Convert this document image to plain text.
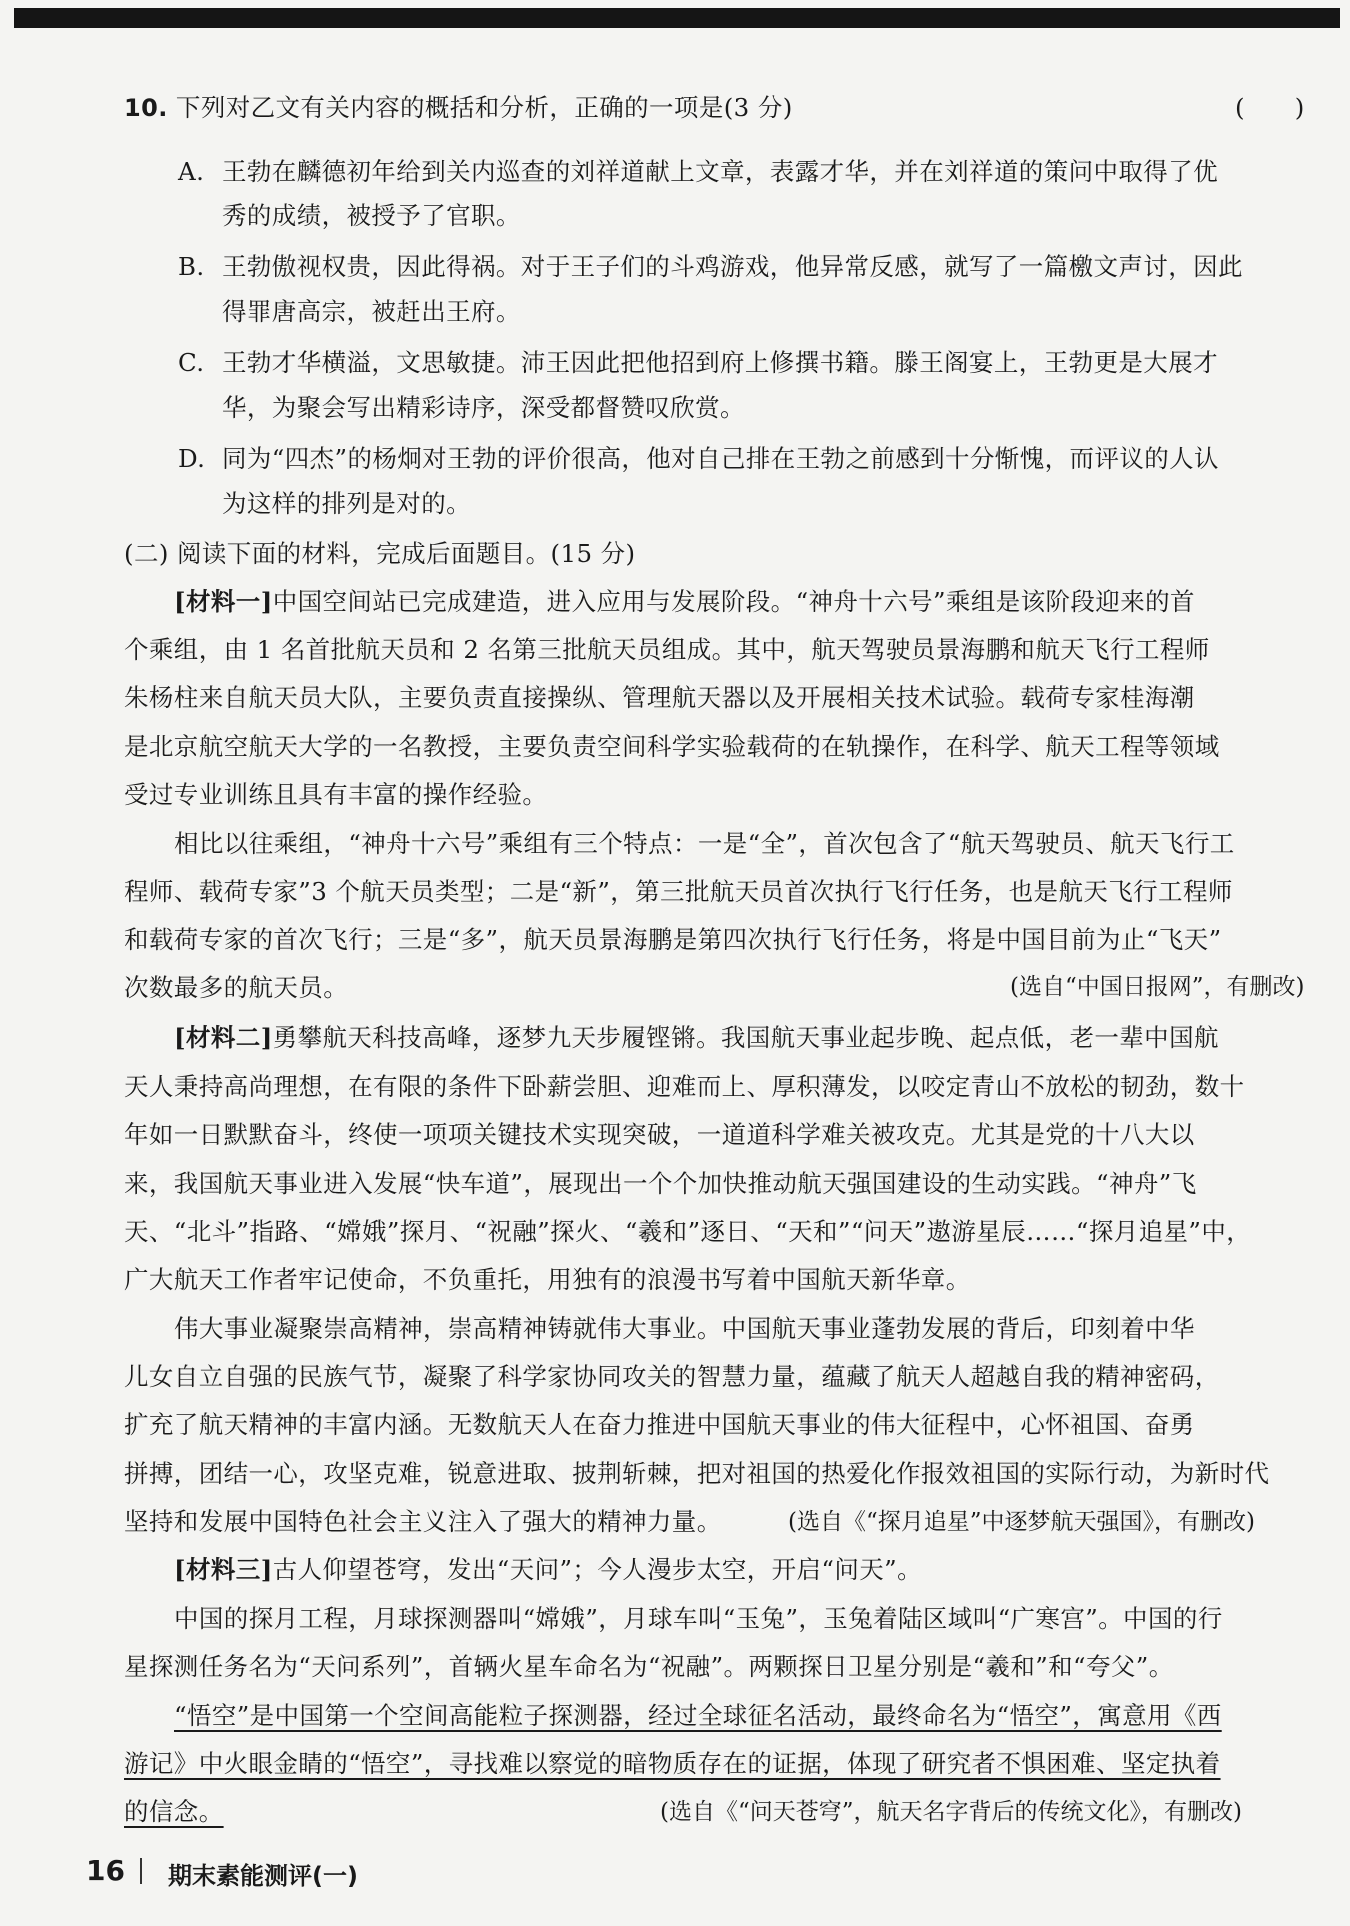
10. 下列对乙文有关内容的概括和分析，正确的一项是(3 分)	(　　)
A. 王勃在麟德初年给到关内巡查的刘祥道献上文章，表露才华，并在刘祥道的策问中取得了优
秀的成绩，被授予了官职。
B. 王勃傲视权贵，因此得祸。对于王子们的斗鸡游戏，他异常反感，就写了一篇檄文声讨，因此
得罪唐高宗，被赶出王府。
C. 王勃才华横溢，文思敏捷。沛王因此把他招到府上修撰书籍。滕王阁宴上，王勃更是大展才
华，为聚会写出精彩诗序，深受都督赞叹欣赏。
D. 同为“四杰”的杨炯对王勃的评价很高，他对自己排在王勃之前感到十分惭愧，而评议的人认
为这样的排列是对的。
(二) 阅读下面的材料，完成后面题目。(15 分)
[材料一]中国空间站已完成建造，进入应用与发展阶段。“神舟十六号”乘组是该阶段迎来的首
个乘组，由 1 名首批航天员和 2 名第三批航天员组成。其中，航天驾驶员景海鹏和航天飞行工程师
朱杨柱来自航天员大队，主要负责直接操纵、管理航天器以及开展相关技术试验。载荷专家桂海潮
是北京航空航天大学的一名教授，主要负责空间科学实验载荷的在轨操作，在科学、航天工程等领域
受过专业训练且具有丰富的操作经验。
相比以往乘组，“神舟十六号”乘组有三个特点：一是“全”，首次包含了“航天驾驶员、航天飞行工
程师、载荷专家”3 个航天员类型；二是“新”，第三批航天员首次执行飞行任务，也是航天飞行工程师
和载荷专家的首次飞行；三是“多”，航天员景海鹏是第四次执行飞行任务，将是中国目前为止“飞天”
次数最多的航天员。	(选自“中国日报网”，有删改)
[材料二]勇攀航天科技高峰，逐梦九天步履铿锵。我国航天事业起步晚、起点低，老一辈中国航
天人秉持高尚理想，在有限的条件下卧薪尝胆、迎难而上、厚积薄发，以咬定青山不放松的韧劲，数十
年如一日默默奋斗，终使一项项关键技术实现突破，一道道科学难关被攻克。尤其是党的十八大以
来，我国航天事业进入发展“快车道”，展现出一个个加快推动航天强国建设的生动实践。“神舟”飞
天、“北斗”指路、“嫦娥”探月、“祝融”探火、“羲和”逐日、“天和”“问天”遨游星辰……“探月追星”中，
广大航天工作者牢记使命，不负重托，用独有的浪漫书写着中国航天新华章。
伟大事业凝聚崇高精神，崇高精神铸就伟大事业。中国航天事业蓬勃发展的背后，印刻着中华
儿女自立自强的民族气节，凝聚了科学家协同攻关的智慧力量，蕴藏了航天人超越自我的精神密码，
扩充了航天精神的丰富内涵。无数航天人在奋力推进中国航天事业的伟大征程中，心怀祖国、奋勇
拼搏，团结一心，攻坚克难，锐意进取、披荆斩棘，把对祖国的热爱化作报效祖国的实际行动，为新时代
坚持和发展中国特色社会主义注入了强大的精神力量。	(选自《“探月追星”中逐梦航天强国》，有删改)
[材料三]古人仰望苍穹，发出“天问”；今人漫步太空，开启“问天”。
中国的探月工程，月球探测器叫“嫦娥”，月球车叫“玉兔”，玉兔着陆区域叫“广寒宫”。中国的行
星探测任务名为“天问系列”，首辆火星车命名为“祝融”。两颗探日卫星分别是“羲和”和“夸父”。
“悟空”是中国第一个空间高能粒子探测器，经过全球征名活动，最终命名为“悟空”，寓意用《西
游记》中火眼金睛的“悟空”，寻找难以察觉的暗物质存在的证据，体现了研究者不惧困难、坚定执着
的信念。	(选自《“问天苍穹”，航天名字背后的传统文化》，有删改)
16 期末素能测评(一)
